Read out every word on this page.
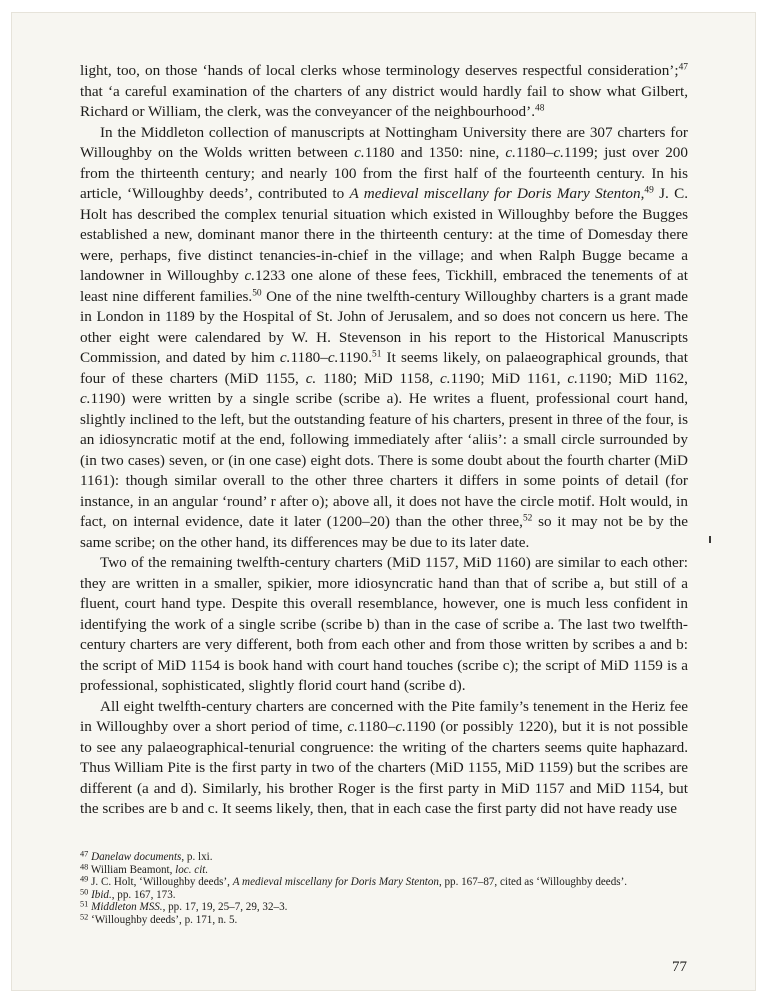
light, too, on those ‘hands of local clerks whose terminology deserves respectful consideration’;$^{47}$ that ‘a careful examination of the charters of any district would hardly fail to show what Gilbert, Richard or William, the clerk, was the conveyancer of the neighbourhood’.$^{48}$

In the Middleton collection of manuscripts at Nottingham University there are 307 charters for Willoughby on the Wolds written between c.1180 and 1350: nine, c.1180–c.1199; just over 200 from the thirteenth century; and nearly 100 from the first half of the fourteenth century. In his article, ‘Willoughby deeds’, contributed to A medieval miscellany for Doris Mary Stenton,$^{49}$ J. C. Holt has described the complex tenurial situation which existed in Willoughby before the Bugges established a new, dominant manor there in the thirteenth century: at the time of Domesday there were, perhaps, five distinct tenancies-in-chief in the village; and when Ralph Bugge became a landowner in Willoughby c.1233 one alone of these fees, Tickhill, embraced the tenements of at least nine different families.$^{50}$ One of the nine twelfth-century Willoughby charters is a grant made in London in 1189 by the Hospital of St. John of Jerusalem, and so does not concern us here. The other eight were calendared by W. H. Stevenson in his report to the Historical Manuscripts Commission, and dated by him c.1180–c.1190.51 It seems likely, on palaeographical grounds, that four of these charters (MiD 1155, c. 1180; MiD 1158, c.1190; MiD 1161, c.1190; MiD 1162, c.1190) were written by a single scribe (scribe a). He writes a fluent, professional court hand, slightly inclined to the left, but the outstanding feature of his charters, present in three of the four, is an idiosyncratic motif at the end, following immediately after ‘aliis’: a small circle surrounded by (in two cases) seven, or (in one case) eight dots. There is some doubt about the fourth charter (MiD 1161): though similar overall to the other three charters it differs in some points of detail (for instance, in an angular ‘round’ r after o); above all, it does not have the circle motif. Holt would, in fact, on internal evidence, date it later (1200–20) than the other three,$^{52}$ so it may not be by the same scribe; on the other hand, its differences may be due to its later date.

Two of the remaining twelfth-century charters (MiD 1157, MiD 1160) are similar to each other: they are written in a smaller, spikier, more idiosyncratic hand than that of scribe a, but still of a fluent, court hand type. Despite this overall resemblance, however, one is much less confident in identifying the work of a single scribe (scribe b) than in the case of scribe a. The last two twelfth-century charters are very different, both from each other and from those written by scribes a and b: the script of MiD 1154 is book hand with court hand touches (scribe c); the script of MiD 1159 is a professional, sophisticated, slightly florid court hand (scribe d).

All eight twelfth-century charters are concerned with the Pite family’s tenement in the Heriz fee in Willoughby over a short period of time, c.1180–c.1190 (or possibly 1220), but it is not possible to see any palaeographical-tenurial congruence: the writing of the charters seems quite haphazard. Thus William Pite is the first party in two of the charters (MiD 1155, MiD 1159) but the scribes are different (a and d). Similarly, his brother Roger is the first party in MiD 1157 and MiD 1154, but the scribes are b and c. It seems likely, then, that in each case the first party did not have ready use

$^{47}$ Danelaw documents, p. lxi.
$^{48}$ William Beamont, loc. cit.
$^{49}$ J. C. Holt, ‘Willoughby deeds’, A medieval miscellany for Doris Mary Stenton, pp. 167–87, cited as ‘Willoughby deeds’.
$^{50}$ Ibid., pp. 167, 173.
$^{51}$ Middleton MSS., pp. 17, 19, 25–7, 29, 32–3.
$^{52}$ ‘Willoughby deeds’, p. 171, n. 5.
77
